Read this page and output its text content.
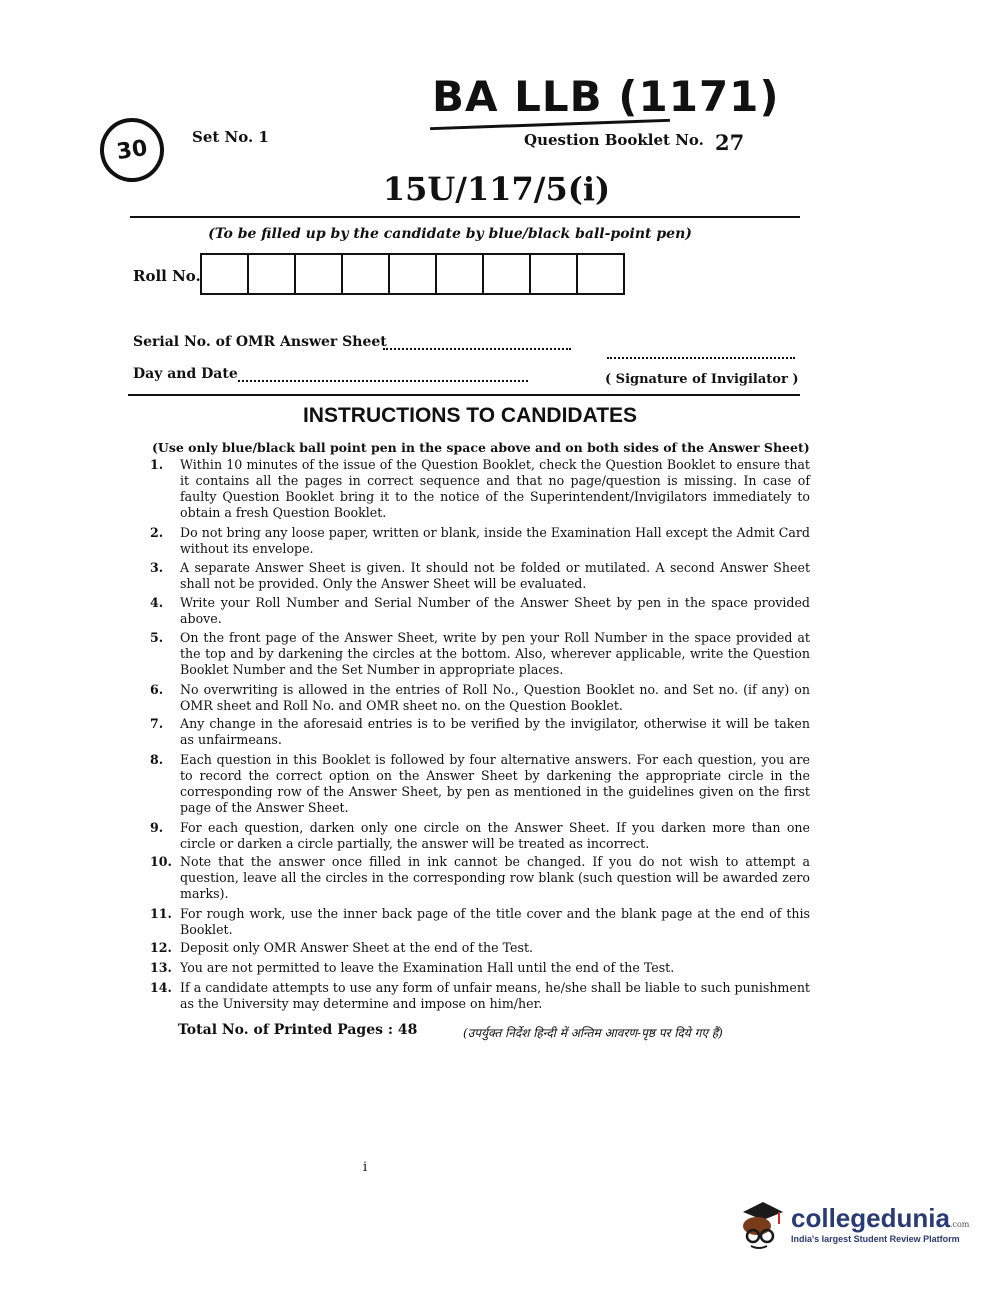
30	Set No. 1
BA LLB (1171)
Question Booklet No. 27
15U/117/5(i)
(To be filled up by the candidate by blue/black ball-point pen)
Roll No.
Serial No. of OMR Answer Sheet
Day and Date	( Signature of Invigilator )
INSTRUCTIONS TO CANDIDATES
(Use only blue/black ball point pen in the space above and on both sides of the Answer Sheet)
1.	Within 10 minutes of the issue of the Question Booklet, check the Question Booklet to ensure that it contains all the pages in correct sequence and that no page/question is missing. In case of faulty Question Booklet bring it to the notice of the Superintendent/Invigilators immediately to obtain a fresh Question Booklet.
2.	Do not bring any loose paper, written or blank, inside the Examination Hall except the Admit Card without its envelope.
3.	A separate Answer Sheet is given. It should not be folded or mutilated. A second Answer Sheet shall not be provided. Only the Answer Sheet will be evaluated.
4.	Write your Roll Number and Serial Number of the Answer Sheet by pen in the space provided above.
5.	On the front page of the Answer Sheet, write by pen your Roll Number in the space provided at the top and by darkening the circles at the bottom. Also, wherever applicable, write the Question Booklet Number and the Set Number in appropriate places.
6.	No overwriting is allowed in the entries of Roll No., Question Booklet no. and Set no. (if any) on OMR sheet and Roll No. and OMR sheet no. on the Question Booklet.
7.	Any change in the aforesaid entries is to be verified by the invigilator, otherwise it will be taken as unfairmeans.
8.	Each question in this Booklet is followed by four alternative answers. For each question, you are to record the correct option on the Answer Sheet by darkening the appropriate circle in the corresponding row of the Answer Sheet, by pen as mentioned in the guidelines given on the first page of the Answer Sheet.
9.	For each question, darken only one circle on the Answer Sheet. If you darken more than one circle or darken a circle partially, the answer will be treated as incorrect.
10. Note that the answer once filled in ink cannot be changed. If you do not wish to attempt a question, leave all the circles in the corresponding row blank (such question will be awarded zero marks).
11. For rough work, use the inner back page of the title cover and the blank page at the end of this Booklet.
12. Deposit only OMR Answer Sheet at the end of the Test.
13. You are not permitted to leave the Examination Hall until the end of the Test.
14. If a candidate attempts to use any form of unfair means, he/she shall be liable to such punishment as the University may determine and impose on him/her.
Total No. of Printed Pages : 48	(उपर्युक्त निर्देश हिन्दी में अन्तिम आवरण-पृष्ठ पर दिये गए हैं)
i
collegedunia.com
India's largest Student Review Platform
